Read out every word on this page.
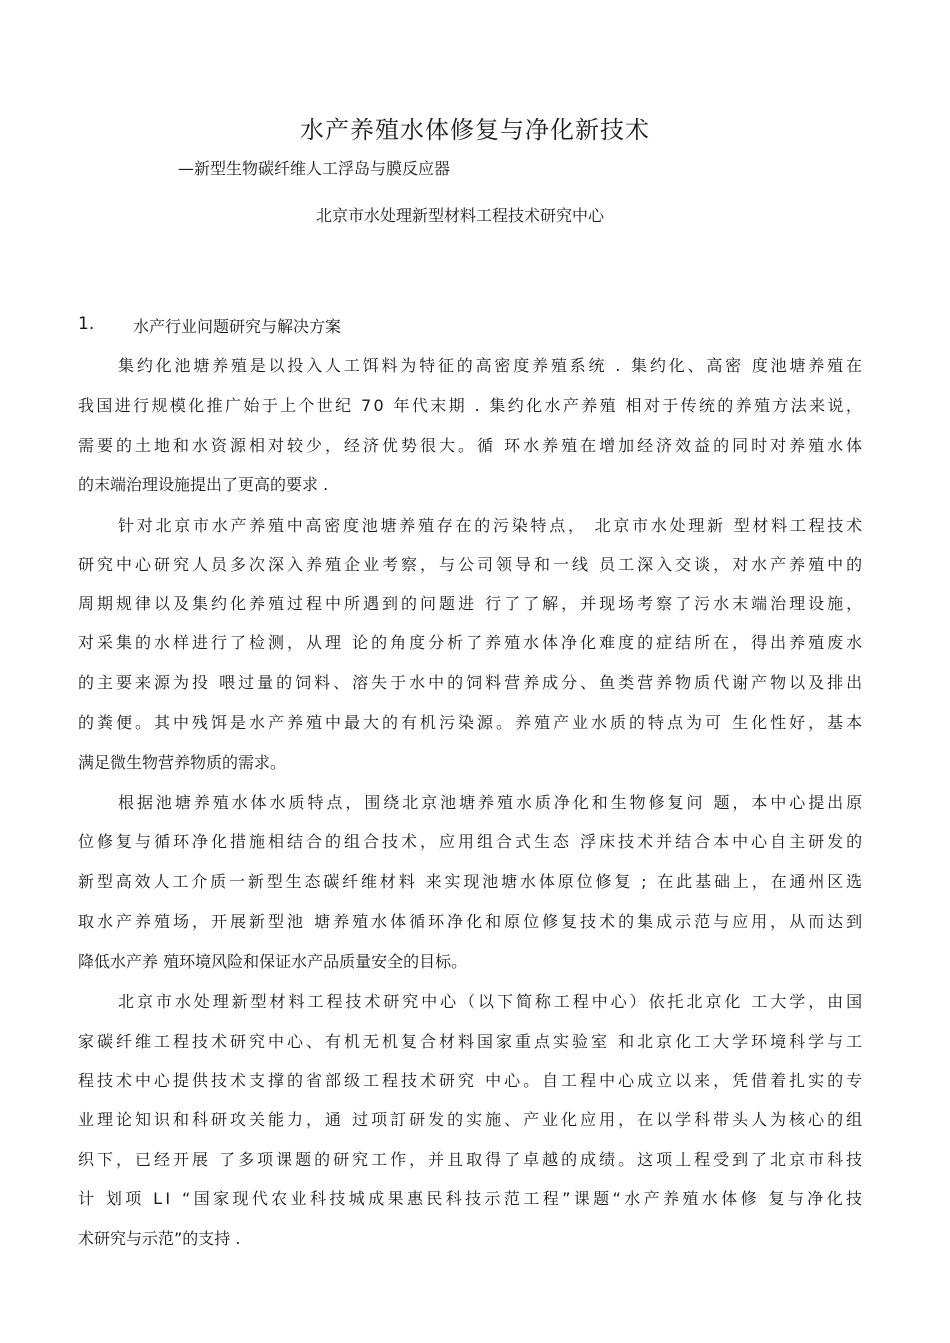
水产养殖水体修复与净化新技术
—新型生物碳纤维人工浮岛与膜反应器
北京市水处理新型材料工程技术研究中心
1. 水产行业问题研究与解决方案
集约化池塘养殖是以投入人工饵料为特征的高密度养殖系统 . 集约化、高密 度池塘养殖在
我国进行规模化推广始于上个世纪 70 年代末期 . 集约化水产养殖 相对于传统的养殖方法来说，
需要的土地和水资源相对较少，经济优势很大。循 环水养殖在增加经济效益的同时对养殖水体
的末端治理设施提出了更高的要求 .
针对北京市水产养殖中高密度池塘养殖存在的污染特点， 北京市水处理新 型材料工程技术
研究中心研究人员多次深入养殖企业考察，与公司领导和一线 员工深入交谈，对水产养殖中的
周期规律以及集约化养殖过程中所遇到的问题进 行了了解，并现场考察了污水末端治理设施，
对采集的水样进行了检测，从理 论的角度分析了养殖水体净化难度的症结所在，得出养殖废水
的主要来源为投 喂过量的饲料、溶失于水中的饲料营养成分、鱼类营养物质代谢产物以及排出
的粪便。其中残饵是水产养殖中最大的有机污染源。养殖产业水质的特点为可 生化性好，基本
满足微生物营养物质的需求。
根据池塘养殖水体水质特点，围绕北京池塘养殖水质净化和生物修复问 题，本中心提出原
位修复与循环净化措施相结合的组合技术，应用组合式生态 浮床技术并结合本中心自主研发的
新型高效人工介质一新型生态碳纤维材料 来实现池塘水体原位修复 ; 在此基础上，在通州区选
取水产养殖场，开展新型池 塘养殖水体循环净化和原位修复技术的集成示范与应用，从而达到
降低水产养 殖环境风险和保证水产品质量安全的目标。
北京市水处理新型材料工程技术研究中心（以下简称工程中心）依托北京化 工大学，由国
家碳纤维工程技术研究中心、有机无机复合材料国家重点实验室 和北京化工大学环境科学与工
程技术中心提供技术支撑的省部级工程技术研究 中心。自工程中心成立以来，凭借着扎实的专
业理论知识和科研攻关能力，通 过项訂研发的实施、产业化应用，在以学科带头人为核心的组
织下，已经开展 了多项课题的研究工作，并且取得了卓越的成绩。这项丄程受到了北京市科技
计 划项 LI “国家现代农业科技城成果惠民科技示范工程”课题“水产养殖水体修 复与净化技
术研究与示范”的支持 .
